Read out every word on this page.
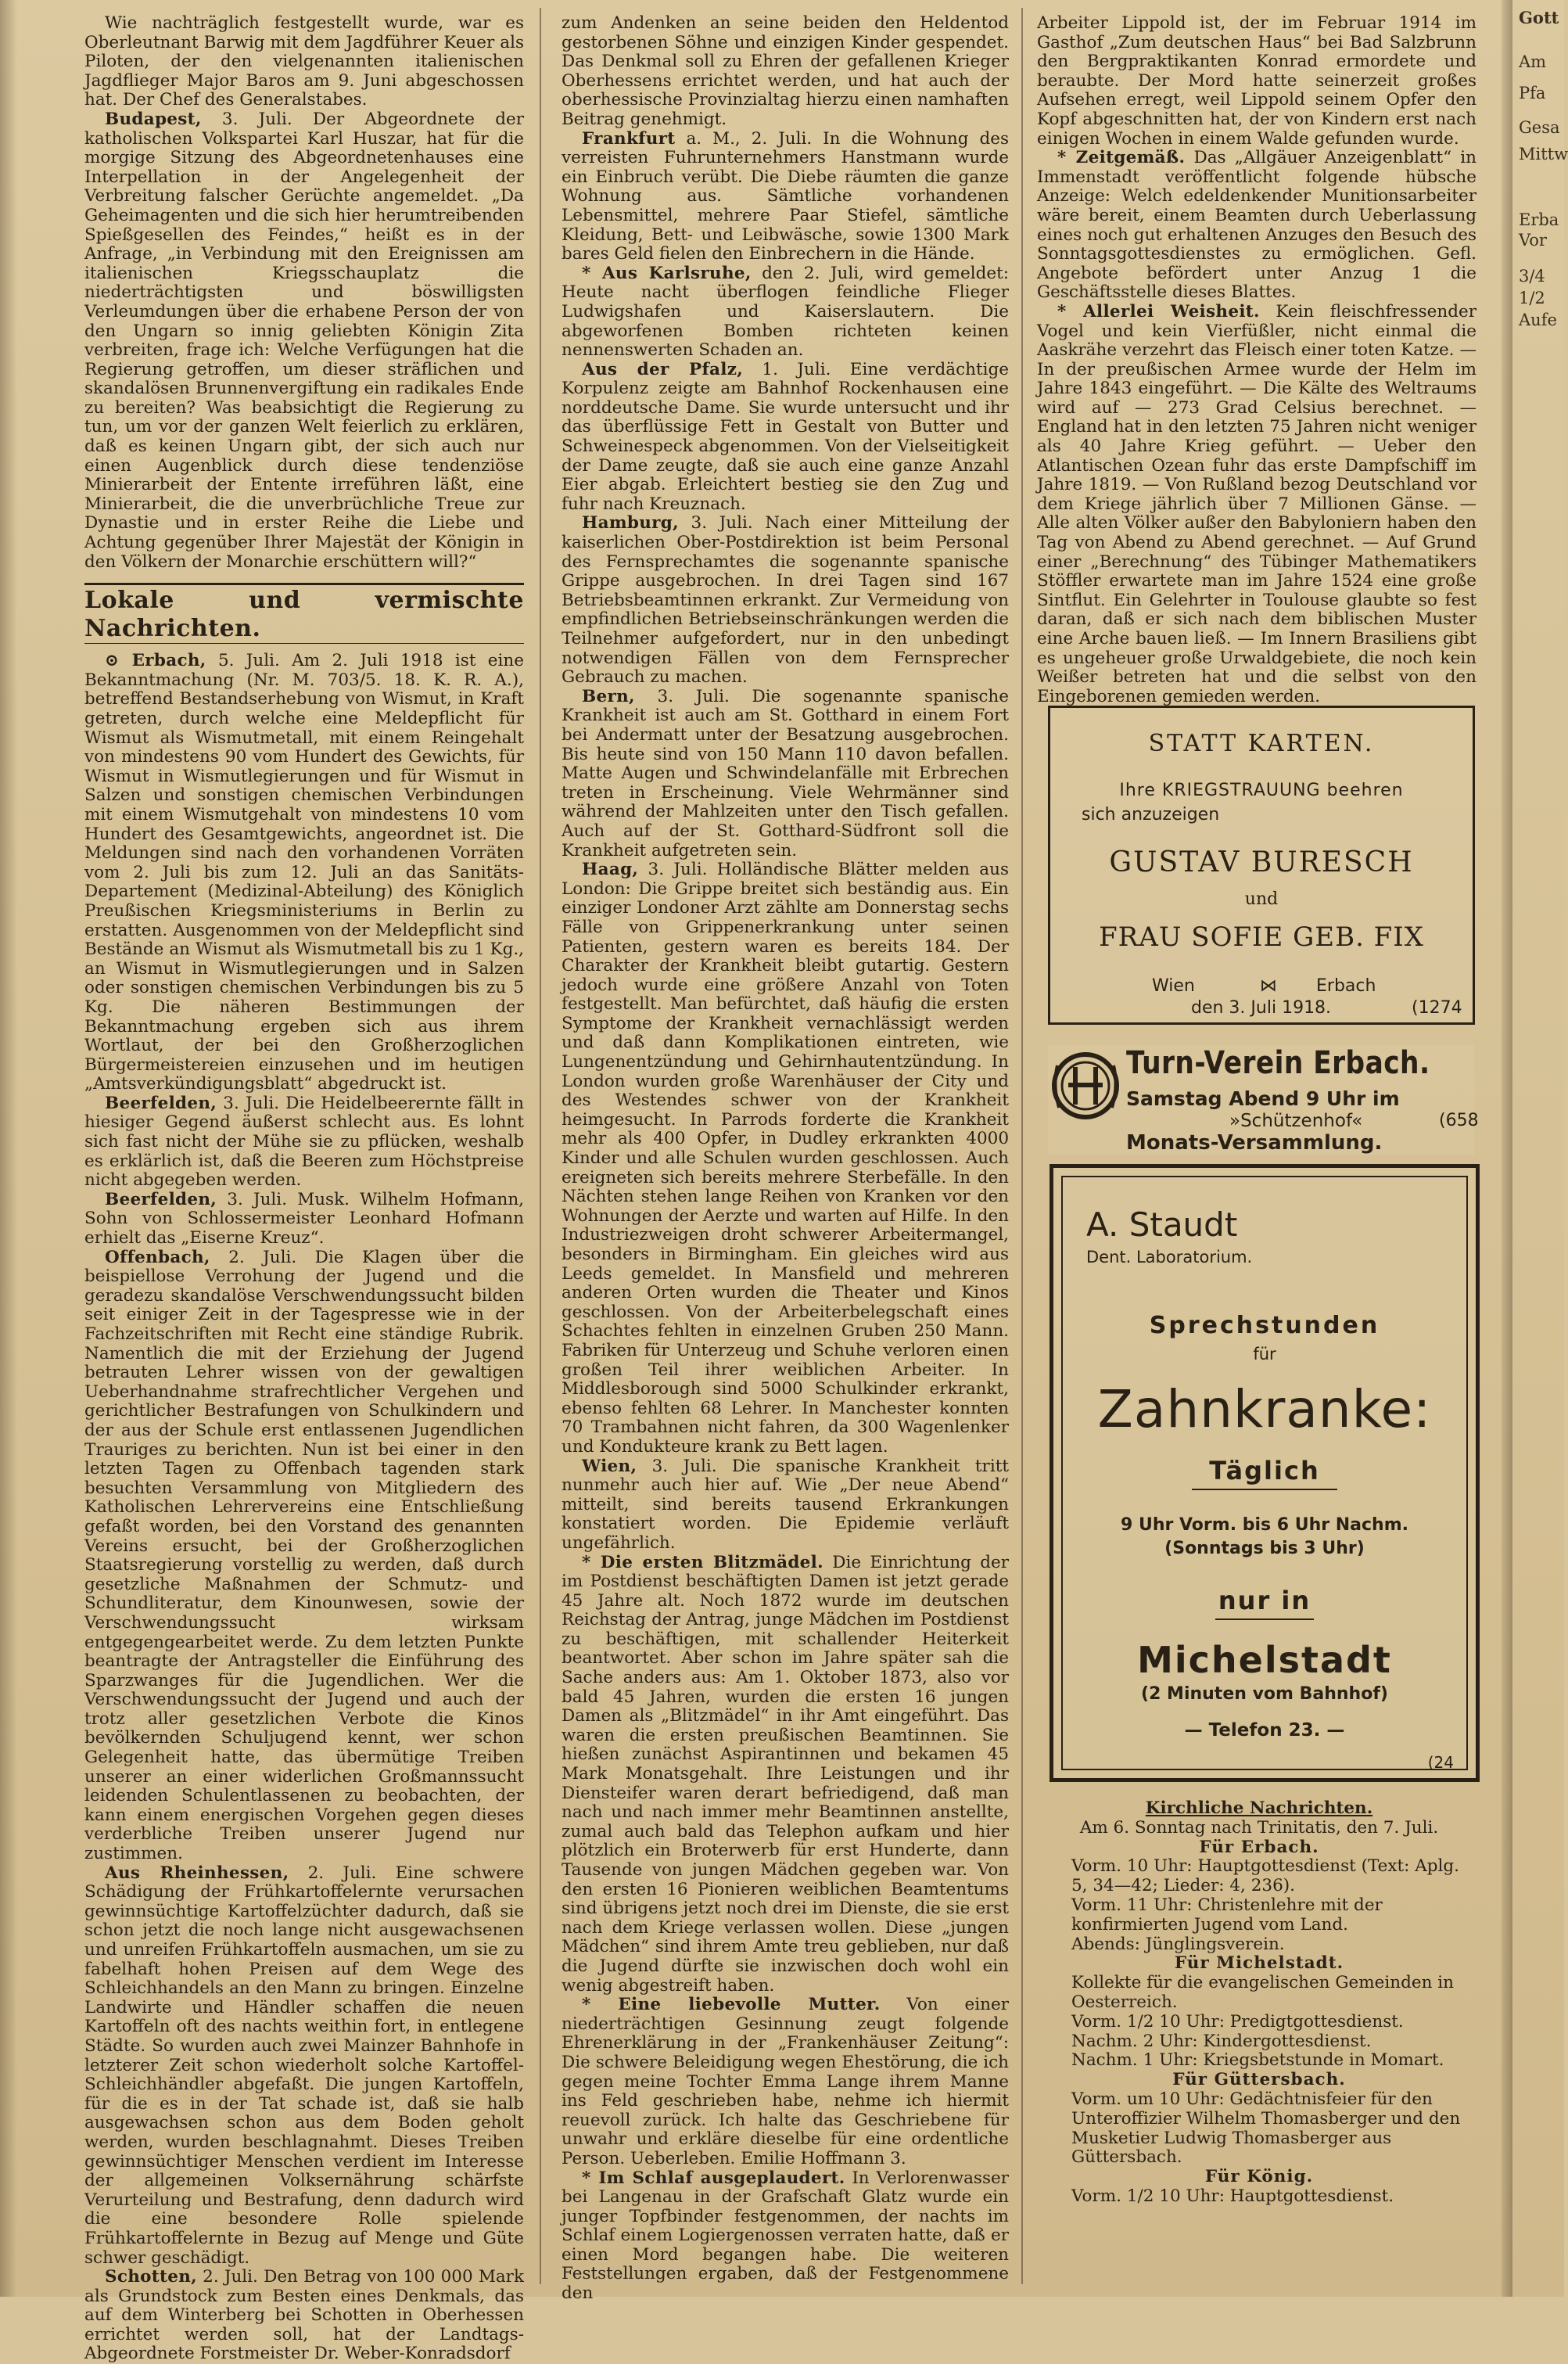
Wie nachträglich festgestellt wurde, war es Oberleutnant Barwig mit dem Jagdführer Keuer als Piloten, der den vielgenannten italienischen Jagdflieger Major Baros am 9. Juni abgeschossen hat. Der Chef des Generalstabes.

Budapest, 3. Juli. Der Abgeordnete der katholischen Volkspartei Karl Huszar, hat für die morgige Sitzung des Abgeordnetenhauses eine Interpellation in der Angelegenheit der Verbreitung falscher Gerüchte angemeldet. „Da Geheimagenten und die sich hier herumtreibenden Spießgesellen des Feindes,“ heißt es in der Anfrage, „in Verbindung mit den Ereignissen am italienischen Kriegsschauplatz die niederträchtigsten und böswilligsten Verleumdungen über die erhabene Person der von den Ungarn so innig geliebten Königin Zita verbreiten, frage ich: Welche Verfügungen hat die Regierung getroffen, um dieser sträflichen und skandalösen Brunnenvergiftung ein radikales Ende zu bereiten? Was beabsichtigt die Regierung zu tun, um vor der ganzen Welt feierlich zu erklären, daß es keinen Ungarn gibt, der sich auch nur einen Augenblick durch diese tendenziöse Minierarbeit der Entente irreführen läßt, eine Minierarbeit, die die unverbrüchliche Treue zur Dynastie und in erster Reihe die Liebe und Achtung gegenüber Ihrer Majestät der Königin in den Völkern der Monarchie erschüttern will?“

Lokale und vermischte Nachrichten.

⊙ Erbach, 5. Juli. Am 2. Juli 1918 ist eine Bekanntmachung (Nr. M. 703/5. 18. K. R. A.), betreffend Bestandserhebung von Wismut, in Kraft getreten, durch welche eine Meldepflicht für Wismut als Wismutmetall, mit einem Reingehalt von mindestens 90 vom Hundert des Gewichts, für Wismut in Wismutlegierungen und für Wismut in Salzen und sonstigen chemischen Verbindungen mit einem Wismutgehalt von mindestens 10 vom Hundert des Gesamtgewichts, angeordnet ist. Die Meldungen sind nach den vorhandenen Vorräten vom 2. Juli bis zum 12. Juli an das Sanitäts-Departement (Medizinal-Abteilung) des Königlich Preußischen Kriegsministeriums in Berlin zu erstatten. Ausgenommen von der Meldepflicht sind Bestände an Wismut als Wismutmetall bis zu 1 Kg., an Wismut in Wismutlegierungen und in Salzen oder sonstigen chemischen Verbindungen bis zu 5 Kg. Die näheren Bestimmungen der Bekanntmachung ergeben sich aus ihrem Wortlaut, der bei den Großherzoglichen Bürgermeistereien einzusehen und im heutigen „Amtsverkündigungsblatt“ abgedruckt ist.

Beerfelden, 3. Juli. Die Heidelbeerernte fällt in hiesiger Gegend äußerst schlecht aus. Es lohnt sich fast nicht der Mühe sie zu pflücken, weshalb es erklärlich ist, daß die Beeren zum Höchstpreise nicht abgegeben werden.

Beerfelden, 3. Juli. Musk. Wilhelm Hofmann, Sohn von Schlossermeister Leonhard Hofmann erhielt das „Eiserne Kreuz“.

Offenbach, 2. Juli. Die Klagen über die beispiellose Verrohung der Jugend und die geradezu skandalöse Verschwendungssucht bilden seit einiger Zeit in der Tagespresse wie in der Fachzeitschriften mit Recht eine ständige Rubrik. Namentlich die mit der Erziehung der Jugend betrauten Lehrer wissen von der gewaltigen Ueberhandnahme strafrechtlicher Vergehen und gerichtlicher Bestrafungen von Schulkindern und der aus der Schule erst entlassenen Jugendlichen Trauriges zu berichten. Nun ist bei einer in den letzten Tagen zu Offenbach tagenden stark besuchten Versammlung von Mitgliedern des Katholischen Lehrervereins eine Entschließung gefaßt worden, bei den Vorstand des genannten Vereins ersucht, bei der Großherzoglichen Staatsregierung vorstellig zu werden, daß durch gesetzliche Maßnahmen der Schmutz- und Schundliteratur, dem Kinounwesen, sowie der Verschwendungssucht wirksam entgegengearbeitet werde. Zu dem letzten Punkte beantragte der Antragsteller die Einführung des Sparzwanges für die Jugendlichen. Wer die Verschwendungssucht der Jugend und auch der trotz aller gesetzlichen Verbote die Kinos bevölkernden Schuljugend kennt, wer schon Gelegenheit hatte, das übermütige Treiben unserer an einer widerlichen Großmannssucht leidenden Schulentlassenen zu beobachten, der kann einem energischen Vorgehen gegen dieses verderbliche Treiben unserer Jugend nur zustimmen.

Aus Rheinhessen, 2. Juli. Eine schwere Schädigung der Frühkartoffelernte verursachen gewinnsüchtige Kartoffelzüchter dadurch, daß sie schon jetzt die noch lange nicht ausgewachsenen und unreifen Frühkartoffeln ausmachen, um sie zu fabelhaft hohen Preisen auf dem Wege des Schleichhandels an den Mann zu bringen. Einzelne Landwirte und Händler schaffen die neuen Kartoffeln oft des nachts weithin fort, in entlegene Städte. So wurden auch zwei Mainzer Bahnhofe in letzterer Zeit schon wiederholt solche Kartoffel-Schleichhändler abgefaßt. Die jungen Kartoffeln, für die es in der Tat schade ist, daß sie halb ausgewachsen schon aus dem Boden geholt werden, wurden beschlagnahmt. Dieses Treiben gewinnsüchtiger Menschen verdient im Interesse der allgemeinen Volksernährung schärfste Verurteilung und Bestrafung, denn dadurch wird die eine besondere Rolle spielende Frühkartoffelernte in Bezug auf Menge und Güte schwer geschädigt.

Schotten, 2. Juli. Den Betrag von 100 000 Mark als Grundstock zum Besten eines Denkmals, das auf dem Winterberg bei Schotten in Oberhessen errichtet werden soll, hat der Landtags-Abgeordnete Forstmeister Dr. Weber-Konradsdorf

zum Andenken an seine beiden den Heldentod gestorbenen Söhne und einzigen Kinder gespendet. Das Denkmal soll zu Ehren der gefallenen Krieger Oberhessens errichtet werden, und hat auch der oberhessische Provinzialtag hierzu einen namhaften Beitrag genehmigt.

Frankfurt a. M., 2. Juli. In die Wohnung des verreisten Fuhrunternehmers Hanstmann wurde ein Einbruch verübt. Die Diebe räumten die ganze Wohnung aus. Sämtliche vorhandenen Lebensmittel, mehrere Paar Stiefel, sämtliche Kleidung, Bett- und Leibwäsche, sowie 1300 Mark bares Geld fielen den Einbrechern in die Hände.

* Aus Karlsruhe, den 2. Juli, wird gemeldet: Heute nacht überflogen feindliche Flieger Ludwigshafen und Kaiserslautern. Die abgeworfenen Bomben richteten keinen nennenswerten Schaden an.

Aus der Pfalz, 1. Juli. Eine verdächtige Korpulenz zeigte am Bahnhof Rockenhausen eine norddeutsche Dame. Sie wurde untersucht und ihr das überflüssige Fett in Gestalt von Butter und Schweinespeck abgenommen. Von der Vielseitigkeit der Dame zeugte, daß sie auch eine ganze Anzahl Eier abgab. Erleichtert bestieg sie den Zug und fuhr nach Kreuznach.

Hamburg, 3. Juli. Nach einer Mitteilung der kaiserlichen Ober-Postdirektion ist beim Personal des Fernsprechamtes die sogenannte spanische Grippe ausgebrochen. In drei Tagen sind 167 Betriebsbeamtinnen erkrankt. Zur Vermeidung von empfindlichen Betriebseinschränkungen werden die Teilnehmer aufgefordert, nur in den unbedingt notwendigen Fällen von dem Fernsprecher Gebrauch zu machen.

Bern, 3. Juli. Die sogenannte spanische Krankheit ist auch am St. Gotthard in einem Fort bei Andermatt unter der Besatzung ausgebrochen. Bis heute sind von 150 Mann 110 davon befallen. Matte Augen und Schwindelanfälle mit Erbrechen treten in Erscheinung. Viele Wehrmänner sind während der Mahlzeiten unter den Tisch gefallen. Auch auf der St. Gotthard-Südfront soll die Krankheit aufgetreten sein.

Haag, 3. Juli. Holländische Blätter melden aus London: Die Grippe breitet sich beständig aus. Ein einziger Londoner Arzt zählte am Donnerstag sechs Fälle von Grippenerkrankung unter seinen Patienten, gestern waren es bereits 184. Der Charakter der Krankheit bleibt gutartig. Gestern jedoch wurde eine größere Anzahl von Toten festgestellt. Man befürchtet, daß häufig die ersten Symptome der Krankheit vernachlässigt werden und daß dann Komplikationen eintreten, wie Lungenentzündung und Gehirnhautentzündung. In London wurden große Warenhäuser der City und des Westendes schwer von der Krankheit heimgesucht. In Parrods forderte die Krankheit mehr als 400 Opfer, in Dudley erkrankten 4000 Kinder und alle Schulen wurden geschlossen. Auch ereigneten sich bereits mehrere Sterbefälle. In den Nächten stehen lange Reihen von Kranken vor den Wohnungen der Aerzte und warten auf Hilfe. In den Industriezweigen droht schwerer Arbeitermangel, besonders in Birmingham. Ein gleiches wird aus Leeds gemeldet. In Mansfield und mehreren anderen Orten wurden die Theater und Kinos geschlossen. Von der Arbeiterbelegschaft eines Schachtes fehlten in einzelnen Gruben 250 Mann. Fabriken für Unterzeug und Schuhe verloren einen großen Teil ihrer weiblichen Arbeiter. In Middlesborough sind 5000 Schulkinder erkrankt, ebenso fehlten 68 Lehrer. In Manchester konnten 70 Trambahnen nicht fahren, da 300 Wagenlenker und Kondukteure krank zu Bett lagen.

Wien, 3. Juli. Die spanische Krankheit tritt nunmehr auch hier auf. Wie „Der neue Abend“ mitteilt, sind bereits tausend Erkrankungen konstatiert worden. Die Epidemie verläuft ungefährlich.

* Die ersten Blitzmädel. Die Einrichtung der im Postdienst beschäftigten Damen ist jetzt gerade 45 Jahre alt. Noch 1872 wurde im deutschen Reichstag der Antrag, junge Mädchen im Postdienst zu beschäftigen, mit schallender Heiterkeit beantwortet. Aber schon im Jahre später sah die Sache anders aus: Am 1. Oktober 1873, also vor bald 45 Jahren, wurden die ersten 16 jungen Damen als „Blitzmädel“ in ihr Amt eingeführt. Das waren die ersten preußischen Beamtinnen. Sie hießen zunächst Aspirantinnen und bekamen 45 Mark Monatsgehalt. Ihre Leistungen und ihr Diensteifer waren derart befriedigend, daß man nach und nach immer mehr Beamtinnen anstellte, zumal auch bald das Telephon aufkam und hier plötzlich ein Broterwerb für erst Hunderte, dann Tausende von jungen Mädchen gegeben war. Von den ersten 16 Pionieren weiblichen Beamtentums sind übrigens jetzt noch drei im Dienste, die sie erst nach dem Kriege verlassen wollen. Diese „jungen Mädchen“ sind ihrem Amte treu geblieben, nur daß die Jugend dürfte sie inzwischen doch wohl ein wenig abgestreift haben.

* Eine liebevolle Mutter. Von einer niederträchtigen Gesinnung zeugt folgende Ehrenerklärung in der „Frankenhäuser Zeitung“: Die schwere Beleidigung wegen Ehestörung, die ich gegen meine Tochter Emma Lange ihrem Manne ins Feld geschrieben habe, nehme ich hiermit reuevoll zurück. Ich halte das Geschriebene für unwahr und erkläre dieselbe für eine ordentliche Person. Ueberleben. Emilie Hoffmann 3.

* Im Schlaf ausgeplaudert. In Verlorenwasser bei Langenau in der Grafschaft Glatz wurde ein junger Topfbinder festgenommen, der nachts im Schlaf einem Logiergenossen verraten hatte, daß er einen Mord begangen habe. Die weiteren Feststellungen ergaben, daß der Festgenommene den

Arbeiter Lippold ist, der im Februar 1914 im Gasthof „Zum deutschen Haus“ bei Bad Salzbrunn den Bergpraktikanten Konrad ermordete und beraubte. Der Mord hatte seinerzeit großes Aufsehen erregt, weil Lippold seinem Opfer den Kopf abgeschnitten hat, der von Kindern erst nach einigen Wochen in einem Walde gefunden wurde.

* Zeitgemäß. Das „Allgäuer Anzeigenblatt“ in Immenstadt veröffentlicht folgende hübsche Anzeige: Welch edeldenkender Munitionsarbeiter wäre bereit, einem Beamten durch Ueberlassung eines noch gut erhaltenen Anzuges den Besuch des Sonntagsgottesdienstes zu ermöglichen. Gefl. Angebote befördert unter Anzug 1 die Geschäftsstelle dieses Blattes.

* Allerlei Weisheit. Kein fleischfressender Vogel und kein Vierfüßler, nicht einmal die Aaskrähe verzehrt das Fleisch einer toten Katze. — In der preußischen Armee wurde der Helm im Jahre 1843 eingeführt. — Die Kälte des Weltraums wird auf — 273 Grad Celsius berechnet. — England hat in den letzten 75 Jahren nicht weniger als 40 Jahre Krieg geführt. — Ueber den Atlantischen Ozean fuhr das erste Dampfschiff im Jahre 1819. — Von Rußland bezog Deutschland vor dem Kriege jährlich über 7 Millionen Gänse. — Alle alten Völker außer den Babyloniern haben den Tag von Abend zu Abend gerechnet. — Auf Grund einer „Berechnung“ des Tübinger Mathematikers Stöffler erwartete man im Jahre 1524 eine große Sintflut. Ein Gelehrter in Toulouse glaubte so fest daran, daß er sich nach dem biblischen Muster eine Arche bauen ließ. — Im Innern Brasiliens gibt es ungeheuer große Urwaldgebiete, die noch kein Weißer betreten hat und die selbst von den Eingeborenen gemieden werden.

STATT KARTEN.
Ihre KRIEGSTRAUUNG beehren
sich anzuzeigen
GUSTAV BURESCH
und
FRAU SOFIE GEB. FIX
Wien	⋈ Erbach
den 3. Juli 1918.	(1274
Turn-Verein Erbach.
Samstag Abend 9 Uhr im
»Schützenhof«	(658
Monats-Versammlung.
A. Staudt
Dent. Laboratorium.
Sprechstunden
für
Zahnkranke:
Täglich
9 Uhr Vorm. bis 6 Uhr Nachm.
(Sonntags bis 3 Uhr)
nur in
Michelstadt
(2 Minuten vom Bahnhof)
— Telefon 23. —
(24

Kirchliche Nachrichten.

Am 6. Sonntag nach Trinitatis, den 7. Juli.

Für Erbach.

Vorm. 10 Uhr: Hauptgottesdienst (Text: Aplg. 5, 34—42; Lieder: 4, 236).

Vorm. 11 Uhr: Christenlehre mit der konfirmierten Jugend vom Land.

Abends: Jünglingsverein.

Für Michelstadt.

Kollekte für die evangelischen Gemeinden in Oesterreich.

Vorm. 1/2 10 Uhr: Predigtgottesdienst.

Nachm. 2 Uhr: Kindergottesdienst.

Nachm. 1 Uhr: Kriegsbetstunde in Momart.

Für Güttersbach.

Vorm. um 10 Uhr: Gedächtnisfeier für den Unteroffizier Wilhelm Thomasberger und den Musketier Ludwig Thomasberger aus Güttersbach.

Für König.

Vorm. 1/2 10 Uhr: Hauptgottesdienst.

Gott
Am
Pfa
Gesa
Mittw
Erba
Vor
3/4
1/2
Aufe
